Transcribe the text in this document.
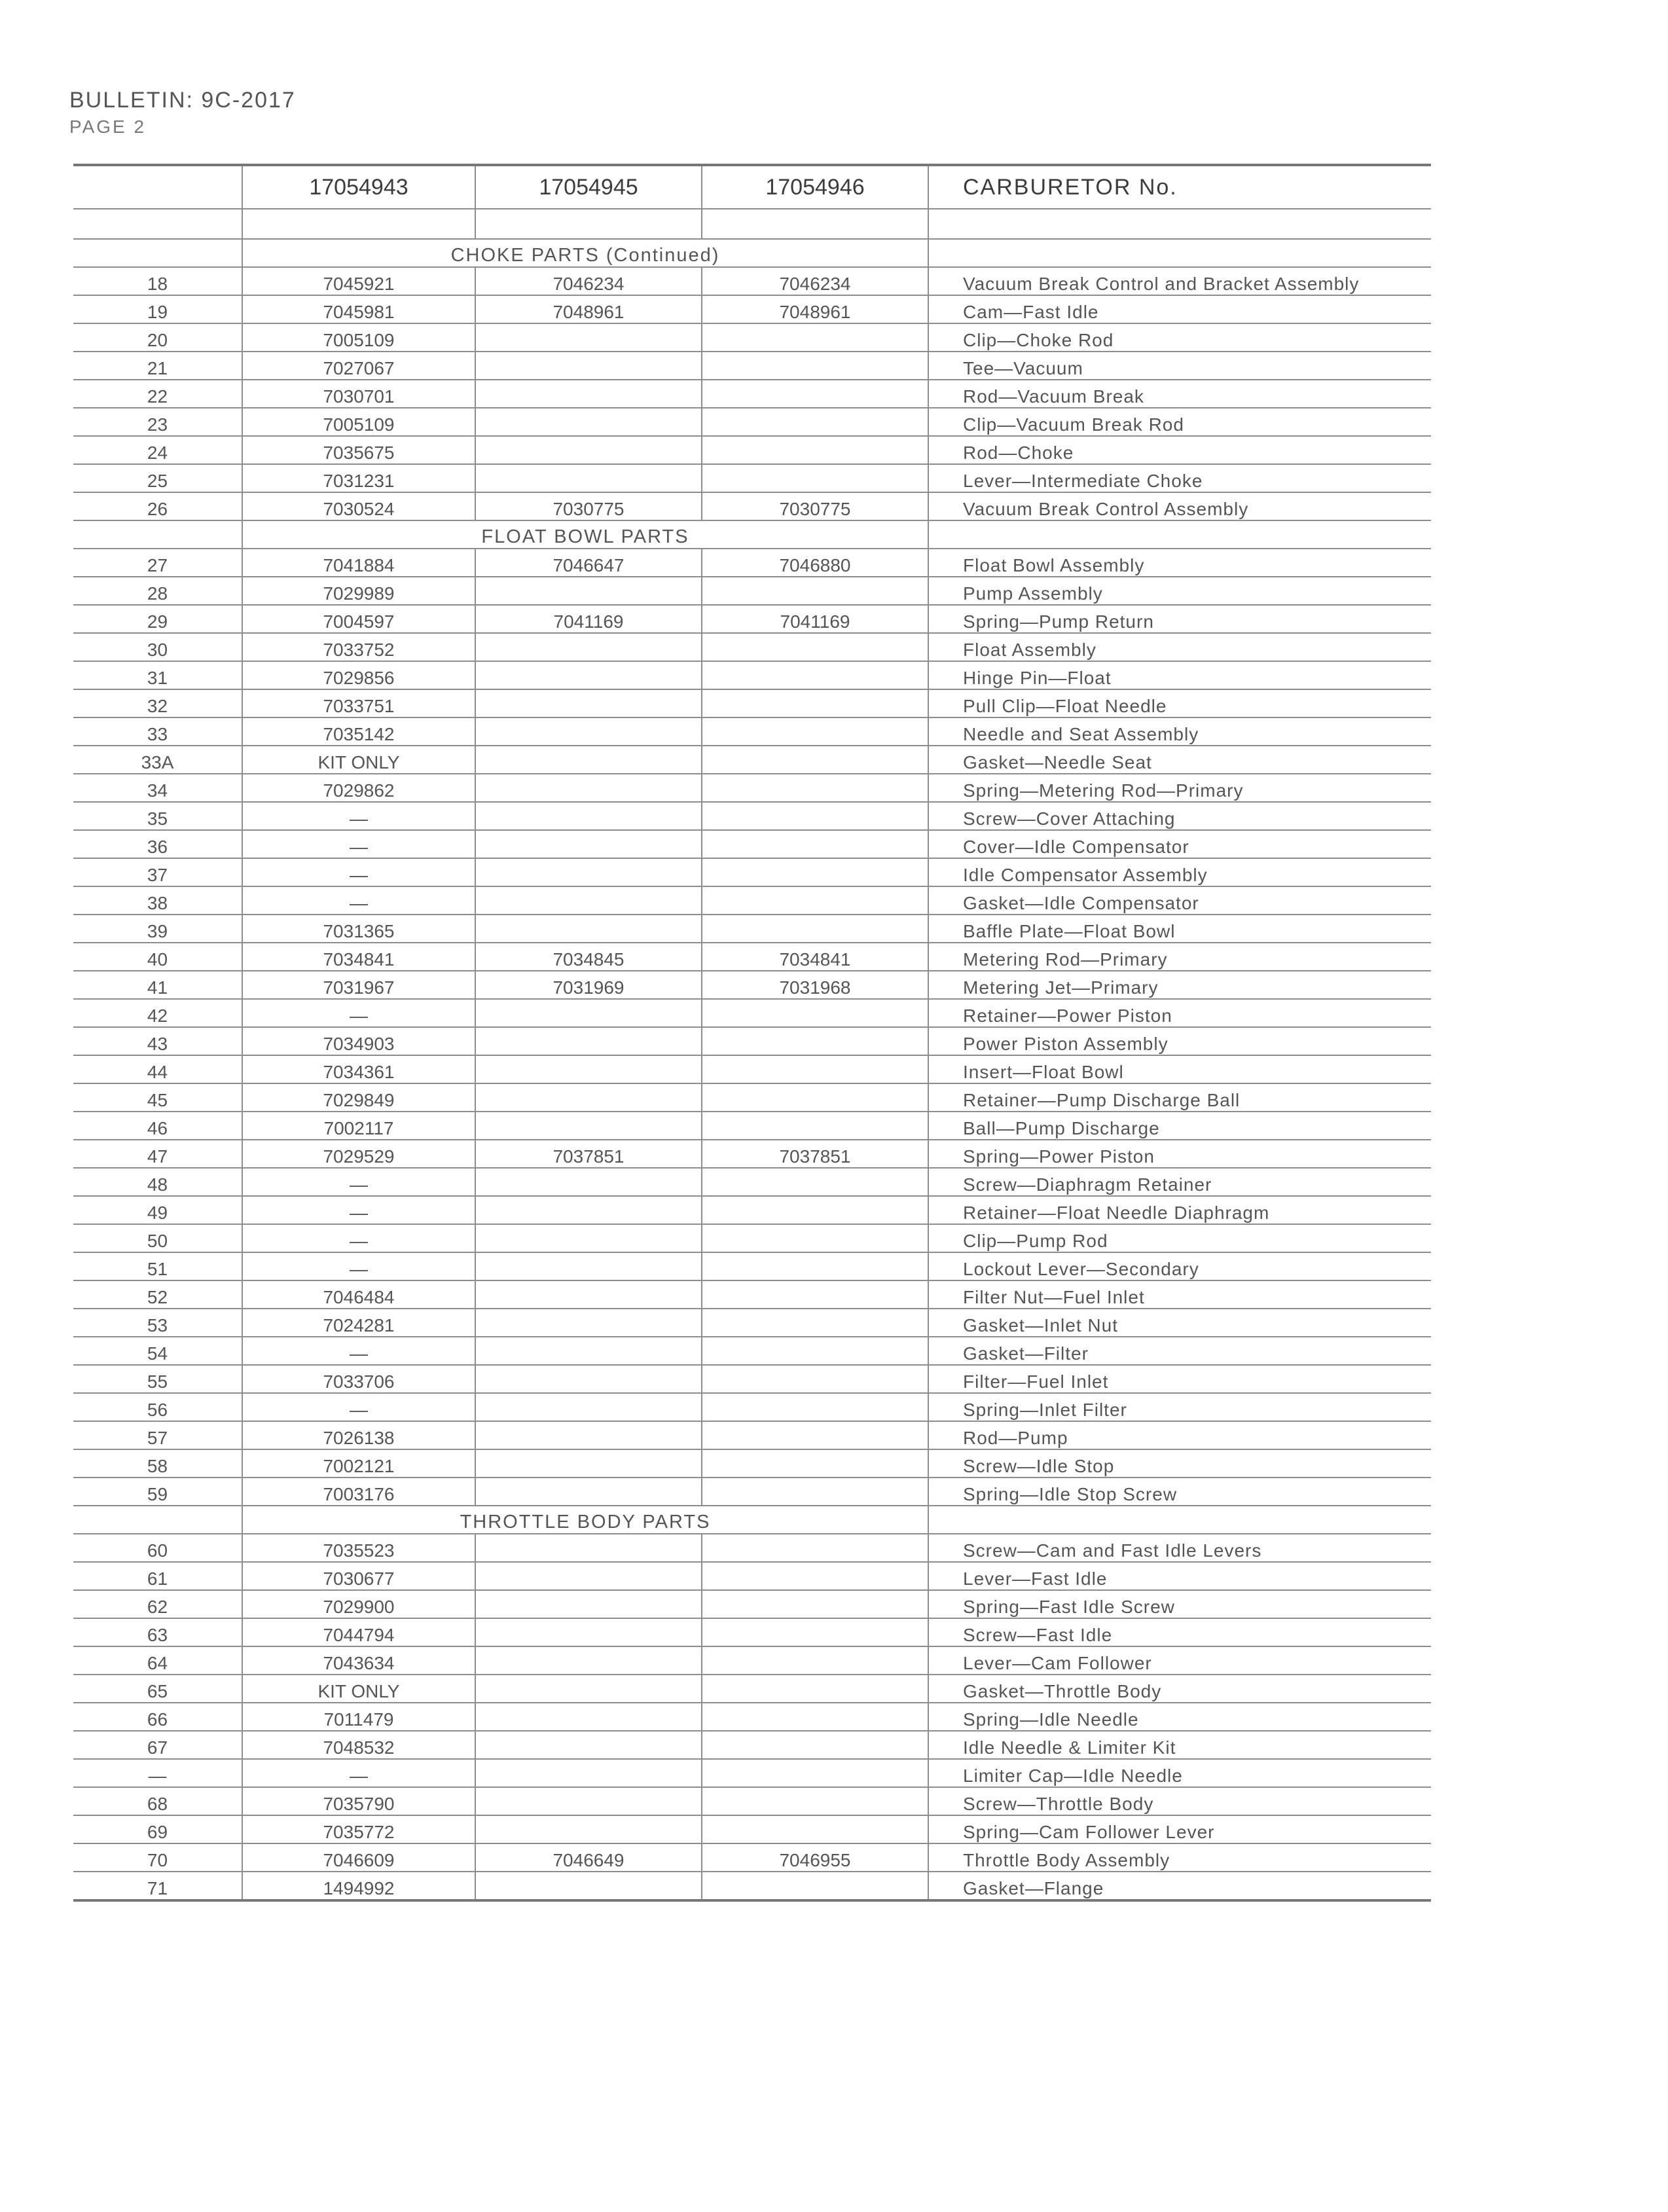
BULLETIN: 9C-2017
PAGE 2
	17054943	17054945	17054946	CARBURETOR No.

	CHOKE PARTS (Continued)			
18	7045921	7046234	7046234	Vacuum Break Control and Bracket Assembly
19	7045981	7048961	7048961	Cam—Fast Idle
20	7005109			Clip—Choke Rod
21	7027067			Tee—Vacuum
22	7030701			Rod—Vacuum Break
23	7005109			Clip—Vacuum Break Rod
24	7035675			Rod—Choke
25	7031231			Lever—Intermediate Choke
26	7030524	7030775	7030775	Vacuum Break Control Assembly
	FLOAT BOWL PARTS			
27	7041884	7046647	7046880	Float Bowl Assembly
28	7029989			Pump Assembly
29	7004597	7041169	7041169	Spring—Pump Return
30	7033752			Float Assembly
31	7029856			Hinge Pin—Float
32	7033751			Pull Clip—Float Needle
33	7035142			Needle and Seat Assembly
33A	KIT ONLY			Gasket—Needle Seat
34	7029862			Spring—Metering Rod—Primary
35	—			Screw—Cover Attaching
36	—			Cover—Idle Compensator
37	—			Idle Compensator Assembly
38	—			Gasket—Idle Compensator
39	7031365			Baffle Plate—Float Bowl
40	7034841	7034845	7034841	Metering Rod—Primary
41	7031967	7031969	7031968	Metering Jet—Primary
42	—			Retainer—Power Piston
43	7034903			Power Piston Assembly
44	7034361			Insert—Float Bowl
45	7029849			Retainer—Pump Discharge Ball
46	7002117			Ball—Pump Discharge
47	7029529	7037851	7037851	Spring—Power Piston
48	—			Screw—Diaphragm Retainer
49	—			Retainer—Float Needle Diaphragm
50	—			Clip—Pump Rod
51	—			Lockout Lever—Secondary
52	7046484			Filter Nut—Fuel Inlet
53	7024281			Gasket—Inlet Nut
54	—			Gasket—Filter
55	7033706			Filter—Fuel Inlet
56	—			Spring—Inlet Filter
57	7026138			Rod—Pump
58	7002121			Screw—Idle Stop
59	7003176			Spring—Idle Stop Screw
	THROTTLE BODY PARTS			
60	7035523			Screw—Cam and Fast Idle Levers
61	7030677			Lever—Fast Idle
62	7029900			Spring—Fast Idle Screw
63	7044794			Screw—Fast Idle
64	7043634			Lever—Cam Follower
65	KIT ONLY			Gasket—Throttle Body
66	7011479			Spring—Idle Needle
67	7048532			Idle Needle & Limiter Kit
—	—			Limiter Cap—Idle Needle
68	7035790			Screw—Throttle Body
69	7035772			Spring—Cam Follower Lever
70	7046609	7046649	7046955	Throttle Body Assembly
71	1494992			Gasket—Flange
